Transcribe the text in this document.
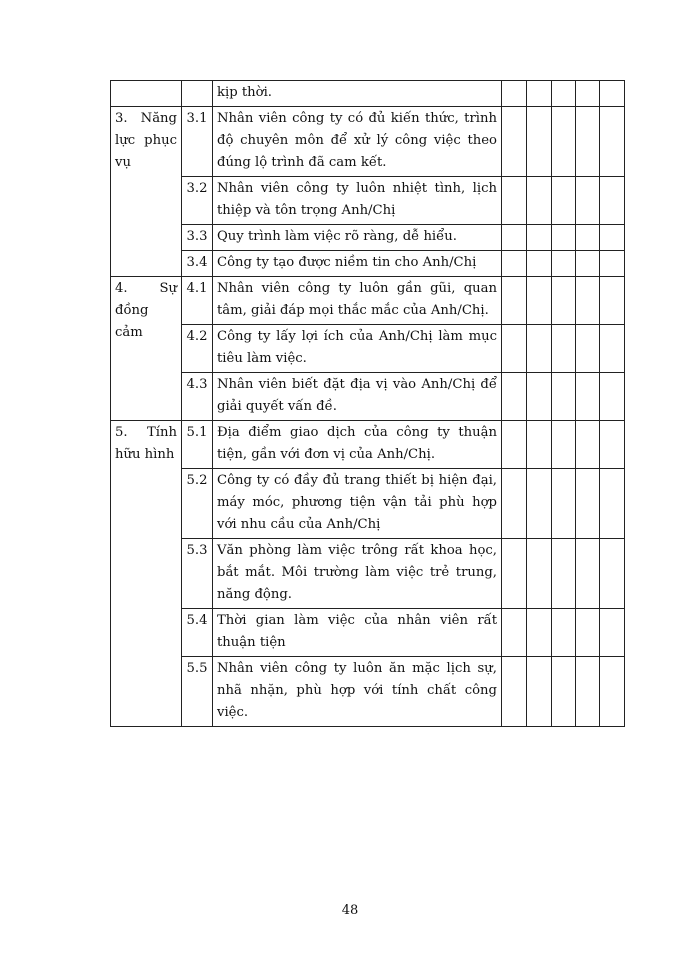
		kịp thời.					
3. Năng lực phục vụ	3.1	Nhân viên công ty có đủ kiến thức, trình độ chuyên môn để xử lý công việc theo đúng lộ trình đã cam kết.					
	3.2	Nhân viên công ty luôn nhiệt tình, lịch thiệp và tôn trọng Anh/Chị					
	3.3	Quy trình làm việc rõ ràng, dễ hiểu.					
	3.4	Công ty tạo được niềm tin cho Anh/Chị					
4. Sự đồng cảm	4.1	Nhân viên công ty luôn gần gũi, quan tâm, giải đáp mọi thắc mắc của Anh/Chị.					
	4.2	Công ty lấy lợi ích của Anh/Chị làm mục tiêu làm việc.					
	4.3	Nhân viên biết đặt địa vị vào Anh/Chị để giải quyết vấn đề.					
5. Tính hữu hình	5.1	Địa điểm giao dịch của công ty thuận tiện, gần với đơn vị của Anh/Chị.					
	5.2	Công ty có đầy đủ trang thiết bị hiện đại, máy móc, phương tiện vận tải phù hợp với nhu cầu của Anh/Chị					
	5.3	Văn phòng làm việc trông rất khoa học, bắt mắt. Môi trường làm việc trẻ trung, năng động.					
	5.4	Thời gian làm việc của nhân viên rất thuận tiện					
	5.5	Nhân viên công ty luôn ăn mặc lịch sự, nhã nhặn, phù hợp với tính chất công việc.					
48
